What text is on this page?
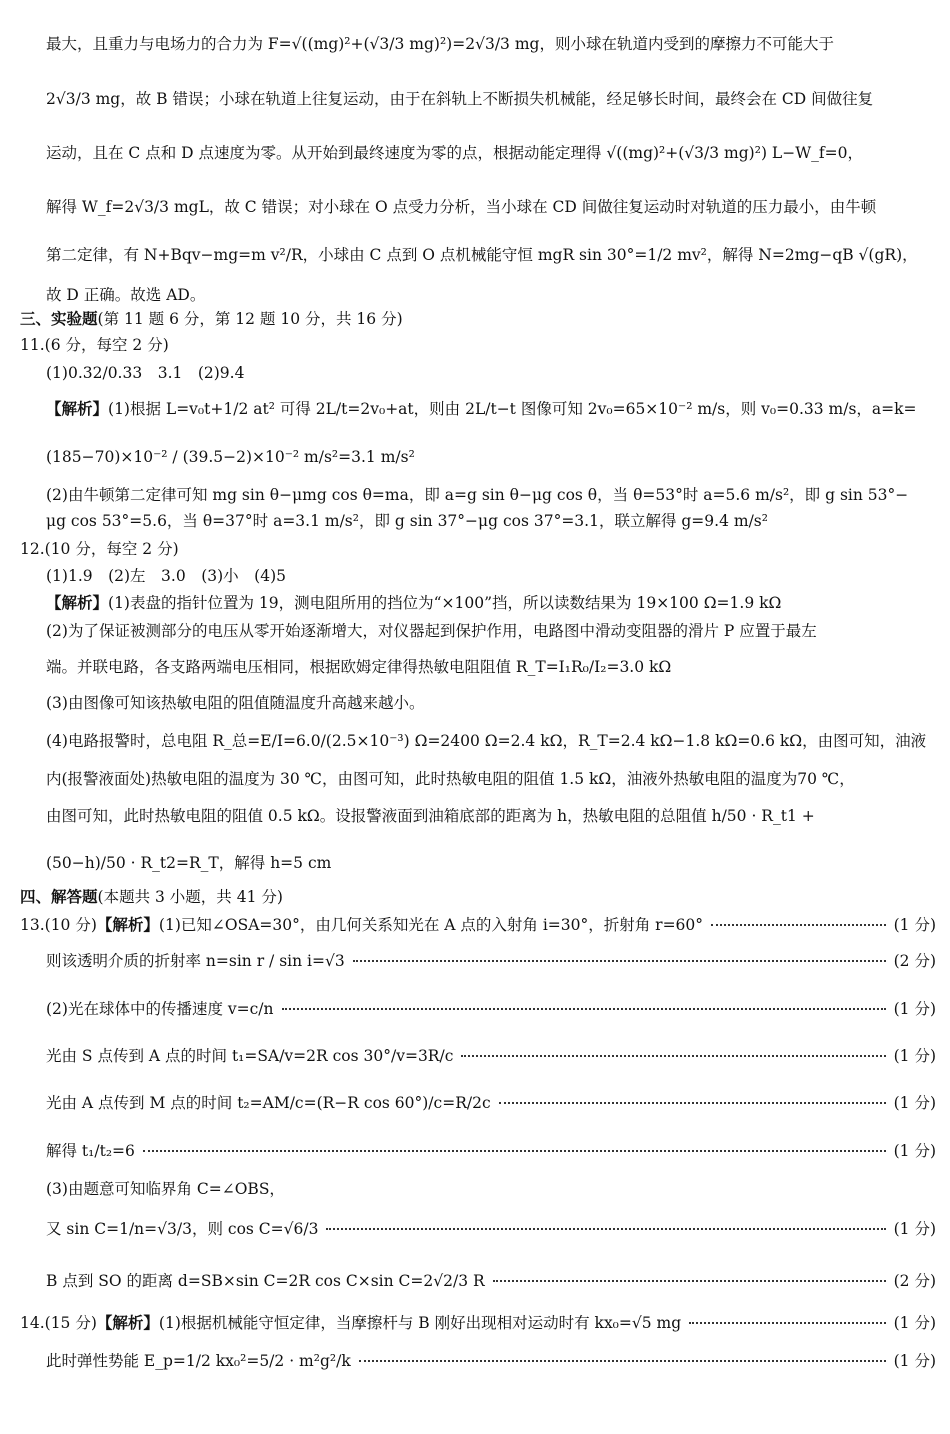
最大，且重力与电场力的合力为 F=√((mg)²+(√3/3 mg)²)=2√3/3 mg，则小球在轨道内受到的摩擦力不可能大于
2√3/3 mg，故 B 错误；小球在轨道上往复运动，由于在斜轨上不断损失机械能，经足够长时间，最终会在 CD 间做往复
运动，且在 C 点和 D 点速度为零。从开始到最终速度为零的点，根据动能定理得 √((mg)²+(√3/3 mg)²) L−W_f=0，
解得 W_f=2√3/3 mgL，故 C 错误；对小球在 O 点受力分析，当小球在 CD 间做往复运动时对轨道的压力最小，由牛顿
第二定律，有 N+Bqv−mg=m v²/R，小球由 C 点到 O 点机械能守恒 mgR sin 30°=1/2 mv²，解得 N=2mg−qB √(gR)，
故 D 正确。故选 AD。
三、实验题(第 11 题 6 分，第 12 题 10 分，共 16 分)
11.(6 分，每空 2 分)
(1)0.32/0.33　3.1　(2)9.4
【解析】(1)根据 L=v₀t+1/2 at² 可得 2L/t=2v₀+at，则由 2L/t−t 图像可知 2v₀=65×10⁻² m/s，则 v₀=0.33 m/s，a=k=
(185−70)×10⁻² / (39.5−2)×10⁻² m/s²=3.1 m/s²
(2)由牛顿第二定律可知 mg sin θ−μmg cos θ=ma，即 a=g sin θ−μg cos θ，当 θ=53°时 a=5.6 m/s²，即 g sin 53°−
μg cos 53°=5.6，当 θ=37°时 a=3.1 m/s²，即 g sin 37°−μg cos 37°=3.1，联立解得 g=9.4 m/s²
12.(10 分，每空 2 分)
(1)1.9　(2)左　3.0　(3)小　(4)5
【解析】(1)表盘的指针位置为 19，测电阻所用的挡位为“×100”挡，所以读数结果为 19×100 Ω=1.9 kΩ
(2)为了保证被测部分的电压从零开始逐渐增大，对仪器起到保护作用，电路图中滑动变阻器的滑片 P 应置于最左
端。并联电路，各支路两端电压相同，根据欧姆定律得热敏电阻阻值 R_T=I₁R₀/I₂=3.0 kΩ
(3)由图像可知该热敏电阻的阻值随温度升高越来越小。
(4)电路报警时，总电阻 R_总=E/I=6.0/(2.5×10⁻³) Ω=2400 Ω=2.4 kΩ，R_T=2.4 kΩ−1.8 kΩ=0.6 kΩ，由图可知，油液
内(报警液面处)热敏电阻的温度为 30 ℃，由图可知，此时热敏电阻的阻值 1.5 kΩ，油液外热敏电阻的温度为70 ℃，
由图可知，此时热敏电阻的阻值 0.5 kΩ。设报警液面到油箱底部的距离为 h，热敏电阻的总阻值 h/50 · R_t1 +
(50−h)/50 · R_t2=R_T，解得 h=5 cm
四、解答题(本题共 3 小题，共 41 分)
13.(10 分)【解析】(1)已知∠OSA=30°，由几何关系知光在 A 点的入射角 i=30°，折射角 r=60°	(1 分)
则该透明介质的折射率 n=sin r / sin i=√3	(2 分)
(2)光在球体中的传播速度 v=c/n	(1 分)
光由 S 点传到 A 点的时间 t₁=SA/v=2R cos 30°/v=3R/c	(1 分)
光由 A 点传到 M 点的时间 t₂=AM/c=(R−R cos 60°)/c=R/2c	(1 分)
解得 t₁/t₂=6	(1 分)
(3)由题意可知临界角 C=∠OBS，
又 sin C=1/n=√3/3，则 cos C=√6/3	(1 分)
B 点到 SO 的距离 d=SB×sin C=2R cos C×sin C=2√2/3 R	(2 分)
14.(15 分)【解析】(1)根据机械能守恒定律，当摩擦杆与 B 刚好出现相对运动时有 kx₀=√5 mg	(1 分)
此时弹性势能 E_p=1/2 kx₀²=5/2 · m²g²/k	(1 分)
